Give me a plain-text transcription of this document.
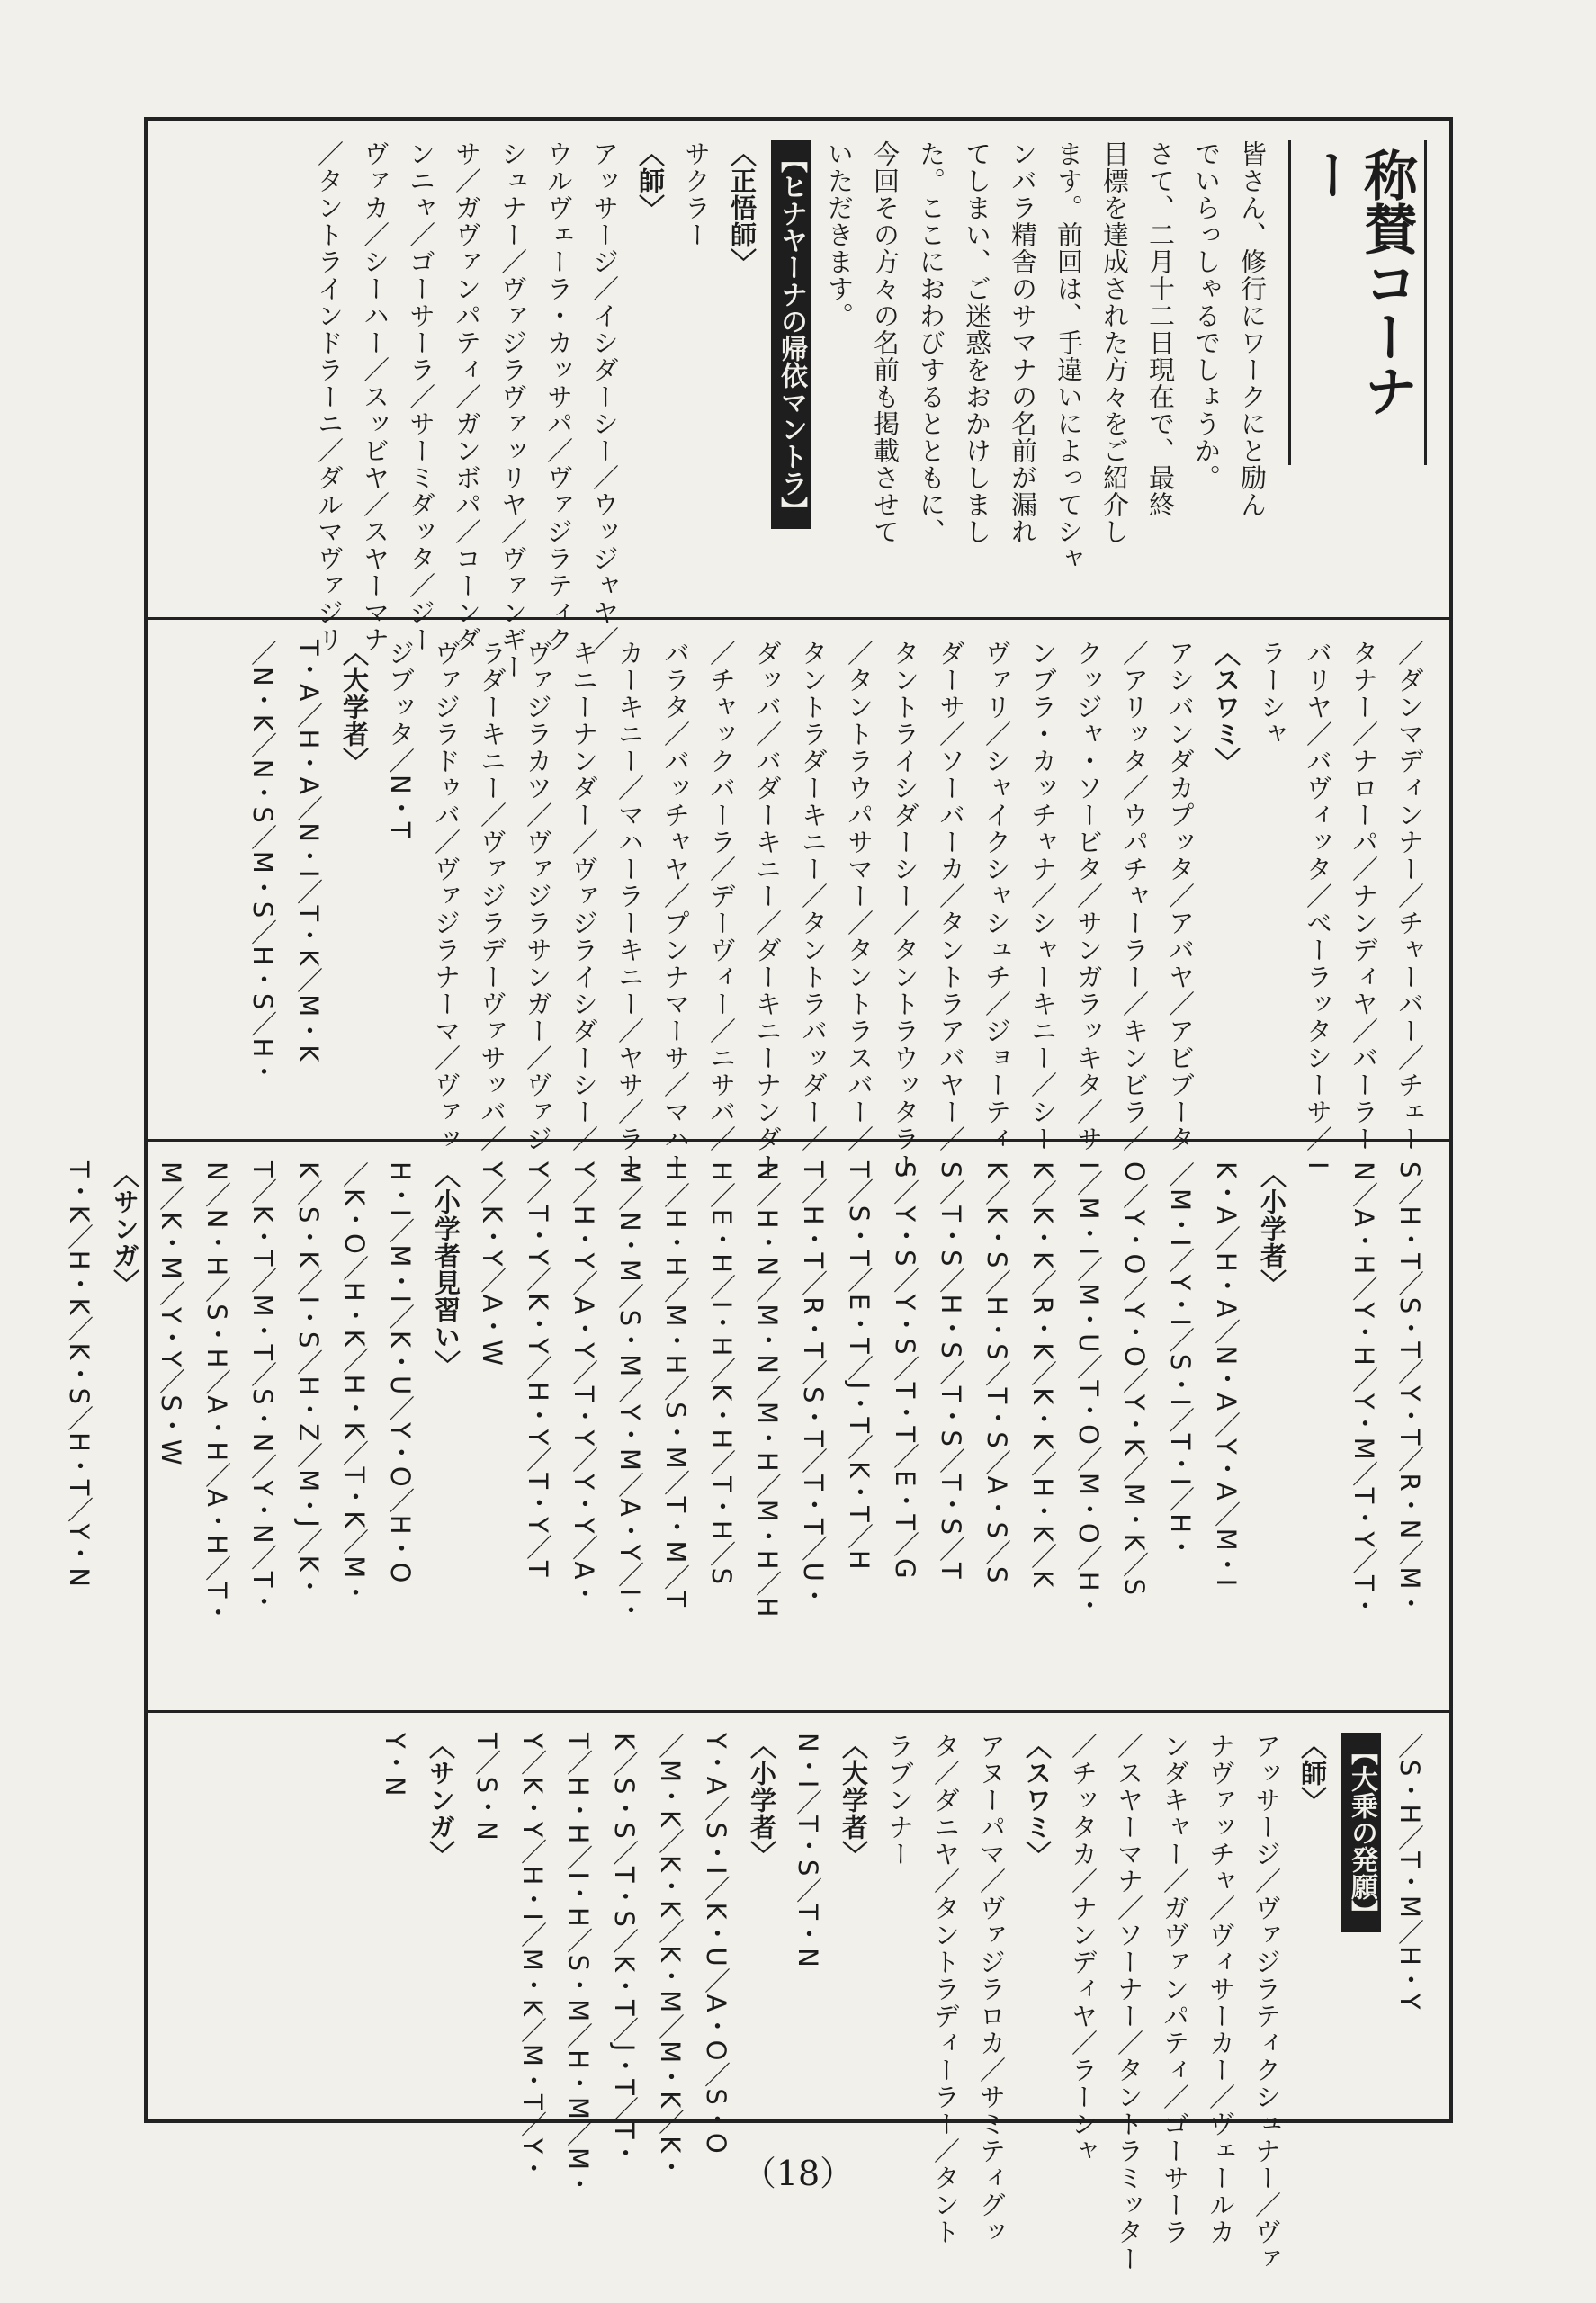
称賛コーナー
皆さん、修行にワークにと励ん
でいらっしゃるでしょうか。
さて、二月十二日現在で、最終
目標を達成された方々をご紹介し
ます。前回は、手違いによってシャ
ンバラ精舎のサマナの名前が漏れ
てしまい、ご迷惑をおかけしまし
た。ここにおわびするとともに、
今回その方々の名前も掲載させて
いただきます。
【ヒナヤーナの帰依マントラ】
〈正悟師〉
サクラー
〈師〉
アッサージ／イシダーシー／ウッジャヤ／
ウルヴェーラ・カッサパ／ヴァジラティク
シュナー／ヴァジラヴァッリヤ／ヴァンギー
サ／ガヴァンパティ／ガンボパ／コーンダ
ンニャ／ゴーサーラ／サーミダッタ／ジー
ヴァカ／シーハー／スッビヤ／スヤーマナ
／タントラインドラーニ／ダルマヴァジリ
／ダンマディンナー／チャーバー／チェー
タナー／ナローパ／ナンディヤ／バーラー
バリヤ／バヴィッタ／ベーラッタシーサ／
ラーシャ
〈スワミ〉
アシバンダカプッタ／アバヤ／アビブータ
／アリッタ／ウパチャーラー／キンビラ／
クッジャ・ソービタ／サンガラッキタ／サ
ンブラ・カッチャナ／シャーキニー／シー
ヴァリ／シャイクシャシュチ／ジョーティ
ダーサ／ソーバーカ／タントラアバヤー／
タントライシダーシー／タントラウッタラー
／タントラウパサマー／タントラスバー／
タントラダーキニー／タントラバッダー／
ダッバ／バダーキニー／ダーキニーナンダー
／チャックバーラ／デーヴィー／ニサバ／
バラタ／バッチャヤ／プンナマーサ／マハー
カーキニー／マハーラーキニー／ヤサ／ラー
キニーナンダー／ヴァジライシダーシー／
ヴァジラカツ／ヴァジラサンガー／ヴァジ
ラダーキニー／ヴァジラデーヴァサッバ／
ヴァジラドゥバ／ヴァジラナーマ／ヴァッ
ジブッタ／N・T
〈大学者〉
T・A／H・A／N・I／T・K／M・K
／N・K／N・S／M・S／H・S／H・
S／H・T／S・T／Y・T／R・N／M・
N／A・H／Y・H／Y・M／T・Y／T・
I
〈小学者〉
K・A／H・A／N・A／Y・A／M・I
／M・I／Y・I／S・I／T・I／H・
O／Y・O／Y・O／Y・K／M・K／S
I／M・I／M・U／T・O／M・O／H・
K／K・K／R・K／K・K／H・K／K
K／K・S／H・S／T・S／A・S／S
S／T・S／H・S／T・S／T・S／T
S／Y・S／Y・S／T・T／E・T／G
T／S・T／E・T／J・T／K・T／H
T／H・T／R・T／S・T／T・T／U・
N／H・N／M・N／M・H／M・H／H
H／E・H／I・H／K・H／T・H／S
H／H・H／M・H／S・M／T・M／T
M／N・M／S・M／Y・M／A・Y／I・
Y／H・Y／A・Y／T・Y／Y・Y／A・
Y／T・Y／K・Y／H・Y／T・Y／T
Y／K・Y／A・W
〈小学者見習い〉
H・I／M・I／K・U／Y・O／H・O
／K・O／H・K／H・K／T・K／M・
K／S・K／I・S／H・Z／M・J／K・
T／K・T／M・T／S・N／Y・N／T・
N／N・H／S・H／A・H／A・H／T・
M／K・M／Y・Y／S・W
〈サンガ〉
T・K／H・K／K・S／H・T／Y・N
／S・H／T・M／H・Y
【大乗の発願】
〈師〉
アッサージ／ヴァジラティクシュナー／ヴァ
ナヴァッチャ／ヴィサーカー／ヴェールカ
ンダキャー／ガヴァンパティ／ゴーサーラ
／スヤーマナ／ソーナー／タントラミッター
／チッタカ／ナンディヤ／ラーシャ
〈スワミ〉
アヌーパマ／ヴァジラロカ／サミティグッ
タ／ダニヤ／タントラディーラー／タント
ラブンナー
〈大学者〉
N・I／T・S／T・N
〈小学者〉
Y・A／S・I／K・U／A・O／S・O
／M・K／K・K／K・M／M・K／K・
K／S・S／T・S／K・T／J・T／T・
T／H・H／I・H／S・M／H・M／M・
Y／K・Y／H・I／M・K／M・T／Y・
T／S・N
〈サンガ〉
Y・N
（18）
